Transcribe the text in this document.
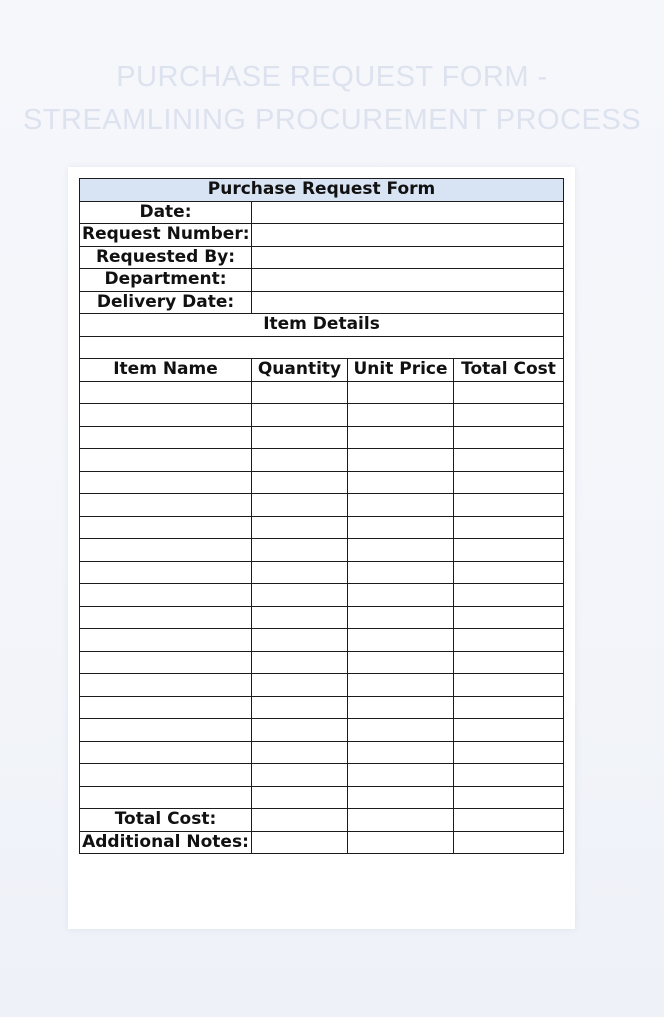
PURCHASE REQUEST FORM -
STREAMLINING PROCUREMENT PROCESS
Purchase Request Form			
Date:			
Request Number:			
Requested By:			
Department:			
Delivery Date:			
Item Details			

Item Name	Quantity	Unit Price	Total Cost

Total Cost:			
Additional Notes:			
